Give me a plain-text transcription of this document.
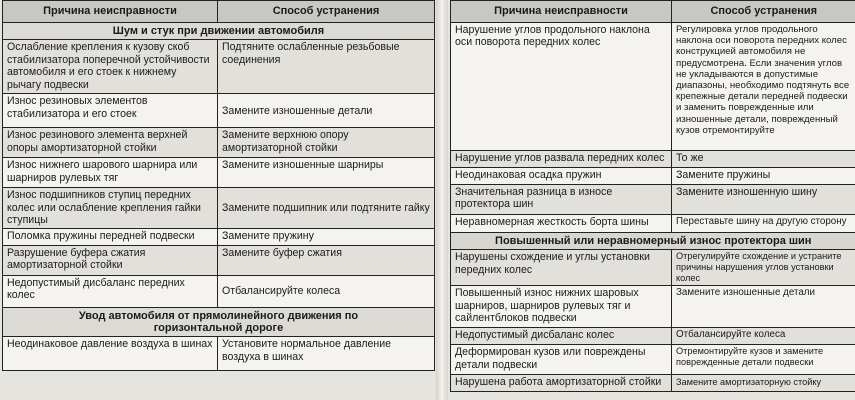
Причина неисправности	Способ устранения
Шум и стук при движении автомобиля	
Ослабление крепления к кузову скоб стабилизатора поперечной устойчивости автомобиля и его стоек к нижнему рычагу подвески	Подтяните ослабленные резьбовые соединения
Износ резиновых элементов стабилизатора и его стоек	Замените изношенные детали
Износ резинового элемента верхней опоры амортизаторной стойки	Замените верхнюю опору амортизаторной стойки
Износ нижнего шарового шарнира или шарниров рулевых тяг	Замените изношенные шарниры
Износ подшипников ступиц передних колес или ослабление крепления гайки ступицы	Замените подшипник или подтяните гайку
Поломка пружины передней подвески	Замените пружину
Разрушение буфера сжатия амортизаторной стойки	Замените буфер сжатия
Недопустимый дисбаланс передних колес	Отбалансируйте колеса
Увод автомобиля от прямолинейного движения по горизонтальной дороге	
Неодинаковое давление воздуха в шинах	Установите нормальное давление воздуха в шинах
Причина неисправности	Способ устранения
Нарушение углов продольного наклона оси поворота передних колес	Регулировка углов продольного наклона оси поворота передних колес конструкцией автомобиля не предусмотрена. Если значения углов не укладываются в допустимые диапазоны, необходимо подтянуть все крепежные детали передней подвески и заменить поврежденные или изношенные детали, поврежденный кузов отремонтируйте
Нарушение углов развала передних колес	То же
Неодинаковая осадка пружин	Замените пружины
Значительная разница в износе протектора шин	Замените изношенную шину
Неравномерная жесткость борта шины	Переставьте шину на другую сторону
Повышенный или неравномерный износ протектора шин	
Нарушены схождение и углы установки передних колес	Отрегулируйте схождение и устраните причины нарушения углов установки колес
Повышенный износ нижних шаровых шарниров, шарниров рулевых тяг и сайлентблоков подвески	Замените изношенные детали
Недопустимый дисбаланс колес	Отбалансируйте колеса
Деформирован кузов или повреждены детали подвески	Отремонтируйте кузов и замените поврежденные детали подвески
Нарушена работа амортизаторной стойки	Замените амортизаторную стойку
